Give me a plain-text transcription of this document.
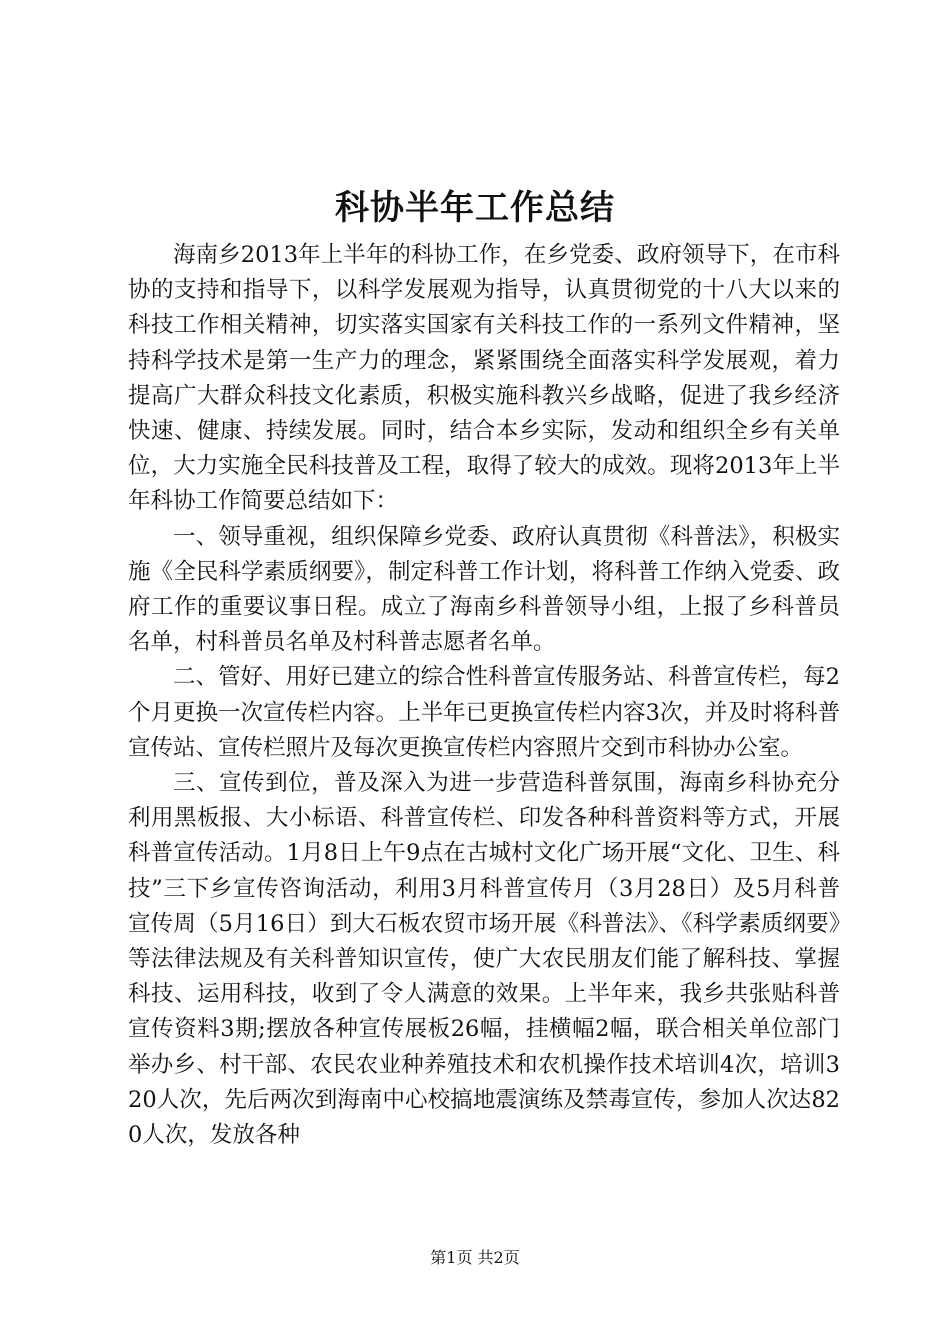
科协半年工作总结

海南乡2013年上半年的科协工作，在乡党委、政府领导下，在市科协的支持和指导下，以科学发展观为指导，认真贯彻党的十八大以来的科技工作相关精神，切实落实国家有关科技工作的一系列文件精神，坚持科学技术是第一生产力的理念，紧紧围绕全面落实科学发展观，着力提高广大群众科技文化素质，积极实施科教兴乡战略，促进了我乡经济快速、健康、持续发展。同时，结合本乡实际，发动和组织全乡有关单位，大力实施全民科技普及工程，取得了较大的成效。现将2013年上半年科协工作简要总结如下：

一、领导重视，组织保障乡党委、政府认真贯彻《科普法》，积极实施《全民科学素质纲要》，制定科普工作计划，将科普工作纳入党委、政府工作的重要议事日程。成立了海南乡科普领导小组，上报了乡科普员名单，村科普员名单及村科普志愿者名单。

二、管好、用好已建立的综合性科普宣传服务站、科普宣传栏，每2个月更换一次宣传栏内容。上半年已更换宣传栏内容3次，并及时将科普宣传站、宣传栏照片及每次更换宣传栏内容照片交到市科协办公室。

三、宣传到位，普及深入为进一步营造科普氛围，海南乡科协充分利用黑板报、大小标语、科普宣传栏、印发各种科普资料等方式，开展科普宣传活动。1月8日上午9点在古城村文化广场开展“文化、卫生、科技”三下乡宣传咨询活动，利用3月科普宣传月（3月28日）及5月科普宣传周（5月16日）到大石板农贸市场开展《科普法》、《科学素质纲要》等法律法规及有关科普知识宣传，使广大农民朋友们能了解科技、掌握科技、运用科技，收到了令人满意的效果。上半年来，我乡共张贴科普宣传资料3期;摆放各种宣传展板26幅，挂横幅2幅，联合相关单位部门举办乡、村干部、农民农业种养殖技术和农机操作技术培训4次，培训320人次，先后两次到海南中心校搞地震演练及禁毒宣传，参加人次达820人次，发放各种

第1页 共2页
